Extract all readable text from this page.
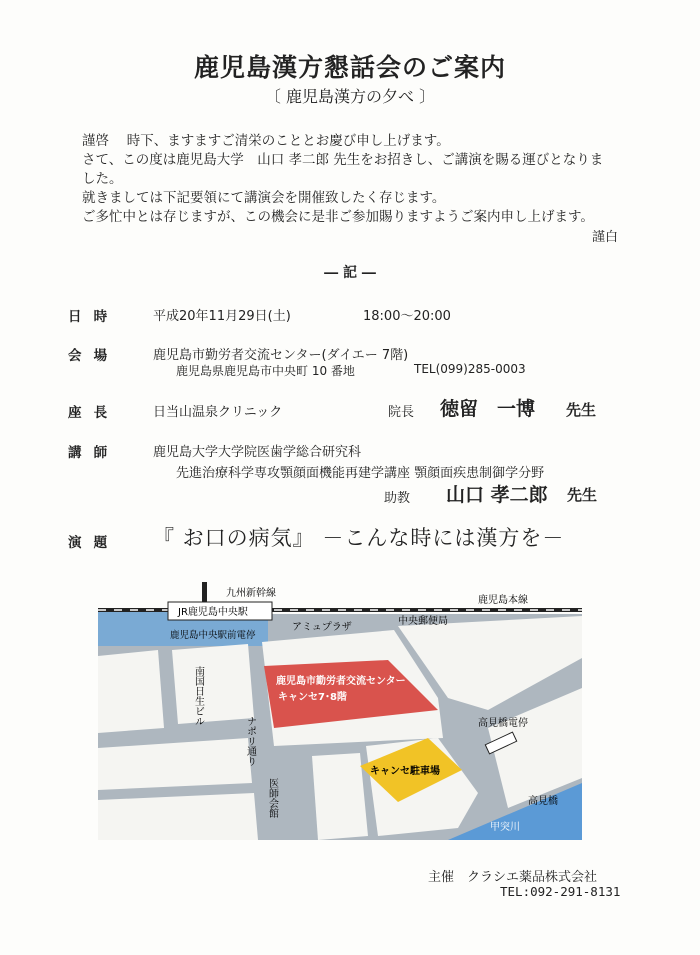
鹿児島漢方懇話会のご案内
〔 鹿児島漢方の夕べ 〕

謹啓　 時下、ますますご清栄のこととお慶び申し上げます。

さて、この度は鹿児島大学　山口 孝二郎 先生をお招きし、ご講演を賜る運びとなりま

した。

就きましては下記要領にて講演会を開催致したく存じます。

ご多忙中とは存じますが、この機会に是非ご参加賜りますようご案内申し上げます。

謹白
― 記 ―
日時	平成20年11月29日(土)	18:00～20:00
会場	鹿児島市勤労者交流センター(ダイエー 7階)
鹿児島県鹿児島市中央町 10 番地	TEL(099)285-0003
座長	日当山温泉クリニック	院長 徳留　一博 先生
講師	鹿児島大学大学院医歯学総合研究科
先進治療科学専攻顎顔面機能再建学講座 顎顔面疾患制御学分野
助教 山口 孝二郎 先生
演題 『 お口の病気』 －こんな時には漢方を－
九州新幹線
JR鹿児島中央駅
鹿児島本線
鹿児島中央駅前電停
アミュプラザ
中央郵便局
南国日生ビル	鹿児島市勤労者交流センター
キャンセ7･8階
高見橋電停
ナポリ通り
医師会館
キャンセ駐車場
高見橋
甲突川
主催　クラシエ薬品株式会社
TEL:092-291-8131
